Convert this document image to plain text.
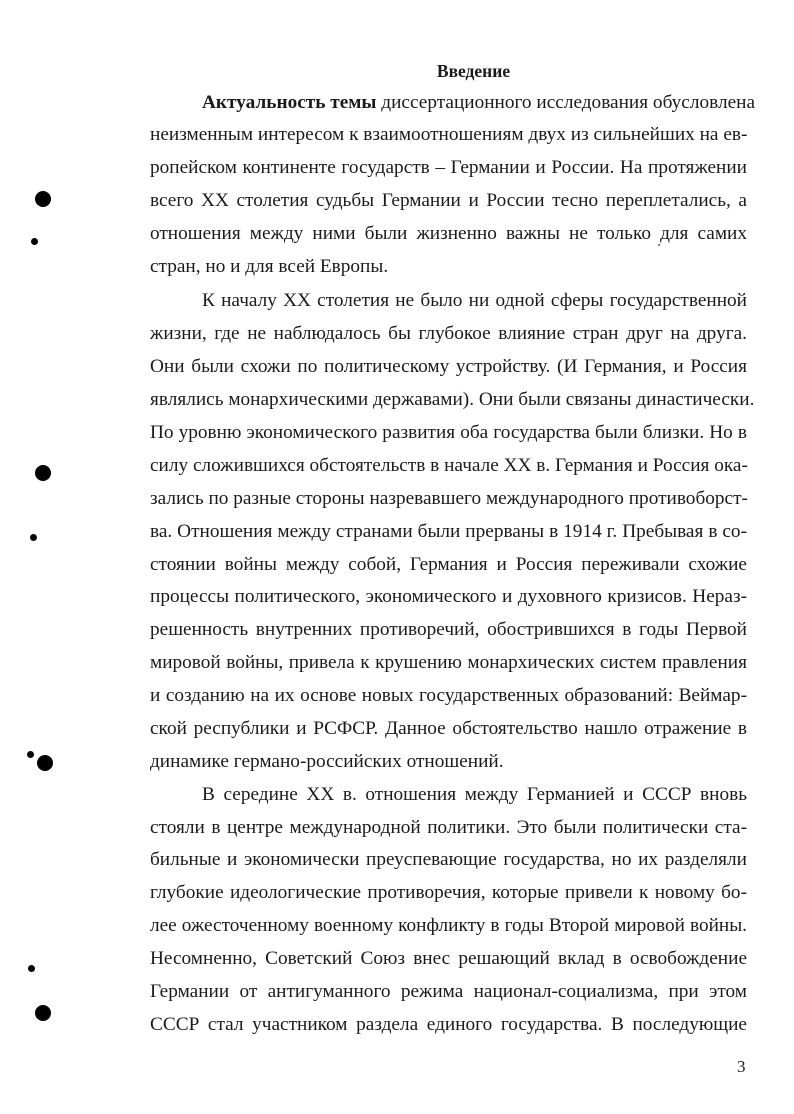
Введение
Актуальность темы диссертационного исследования обусловлена
неизменным интересом к взаимоотношениям двух из сильнейших на ев-
ропейском континенте государств – Германии и России. На протяжении
всего XX столетия судьбы Германии и России тесно переплетались, а
отношения между ними были жизненно важны не только для самих
стран, но и для всей Европы.
К началу XX столетия не было ни одной сферы государственной
жизни, где не наблюдалось бы глубокое влияние стран друг на друга.
Они были схожи по политическому устройству. (И Германия, и Россия
являлись монархическими державами). Они были связаны династически.
По уровню экономического развития оба государства были близки. Но в
силу сложившихся обстоятельств в начале XX в. Германия и Россия ока-
зались по разные стороны назревавшего международного противоборст-
ва. Отношения между странами были прерваны в 1914 г. Пребывая в со-
стоянии войны между собой, Германия и Россия переживали схожие
процессы политического, экономического и духовного кризисов. Нераз-
решенность внутренних противоречий, обострившихся в годы Первой
мировой войны, привела к крушению монархических систем правления
и созданию на их основе новых государственных образований: Веймар-
ской республики и РСФСР. Данное обстоятельство нашло отражение в
динамике германо-российских отношений.
В середине XX в. отношения между Германией и СССР вновь
стояли в центре международной политики. Это были политически ста-
бильные и экономически преуспевающие государства, но их разделяли
глубокие идеологические противоречия, которые привели к новому бо-
лее ожесточенному военному конфликту в годы Второй мировой войны.
Несомненно, Советский Союз внес решающий вклад в освобождение
Германии от антигуманного режима национал-социализма, при этом
СССР стал участником раздела единого государства. В последующие
3
